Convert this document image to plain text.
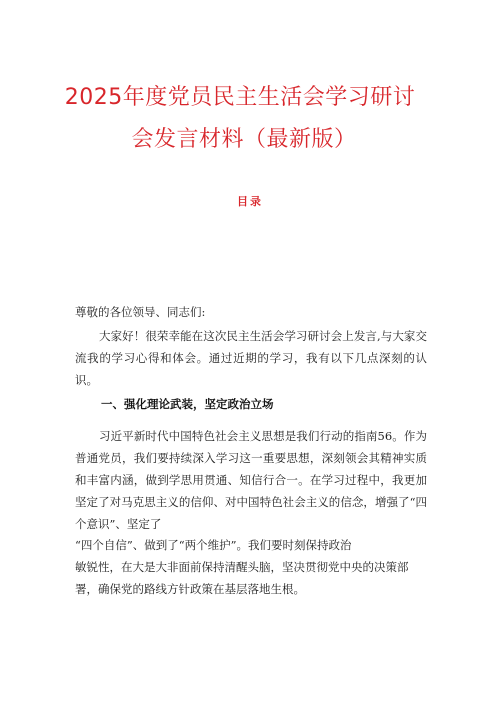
2025年度党员民主生活会学习研讨
会发言材料（最新版）
目录
尊敬的各位领导、同志们:
大家好！很荣幸能在这次民主生活会学习研讨会上发言,与大家交流我的学习心得和体会。通过近期的学习，我有以下几点深刻的认识。
一、强化理论武装，坚定政治立场
习近平新时代中国特色社会主义思想是我们行动的指南56。作为普通党员，我们要持续深入学习这一重要思想，深刻领会其精神实质和丰富内涵，做到学思用贯通、知信行合一。在学习过程中，我更加坚定了对马克思主义的信仰、对中国特色社会主义的信念，增强了“四个意识”、坚定了
“四个自信”、做到了“两个维护”。我们要时刻保持政治
敏锐性，在大是大非面前保持清醒头脑，坚决贯彻党中央的决策部署，确保党的路线方针政策在基层落地生根。
